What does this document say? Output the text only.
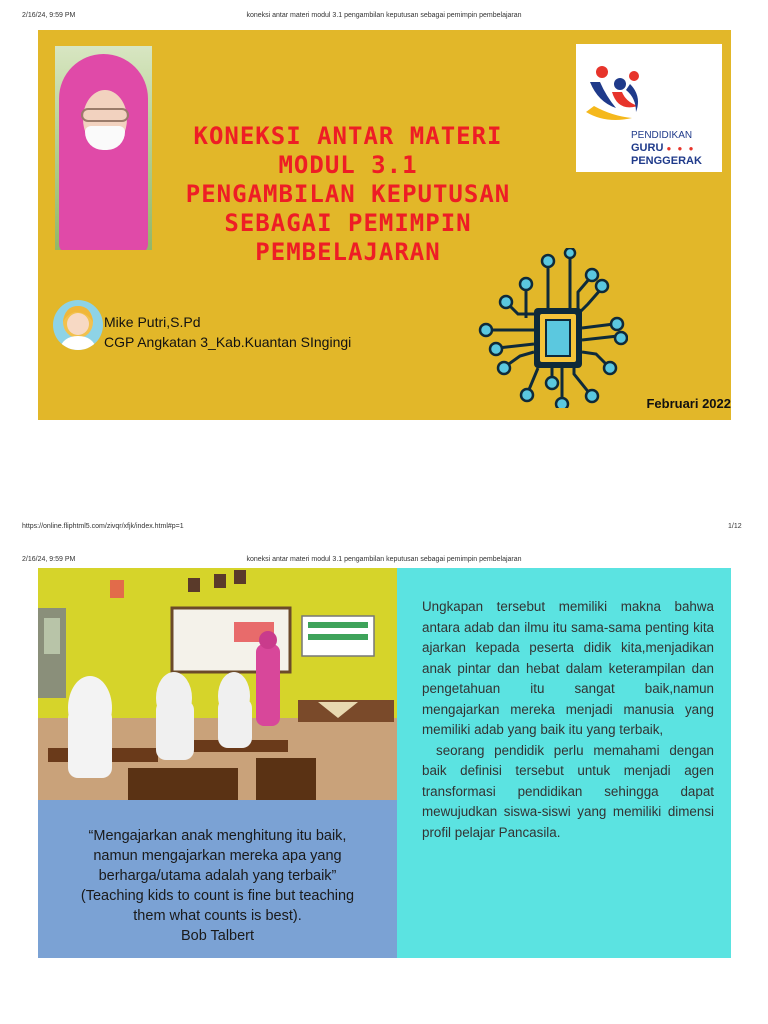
2/16/24, 9:59 PM	koneksi antar materi modul 3.1 pengambilan keputusan sebagai pemimpin pembelajaran
KONEKSI ANTAR MATERI
MODUL 3.1
PENGAMBILAN KEPUTUSAN
SEBAGAI PEMIMPIN
PEMBELAJARAN
PENDIDIKAN
GURU ● ● ●
PENGGERAK
Mike Putri,S.Pd
CGP Angkatan 3_Kab.Kuantan SIngingi
Februari 2022
https://online.fliphtml5.com/zivqr/xfjk/index.html#p=1	1/12
2/16/24, 9:59 PM	koneksi antar materi modul 3.1 pengambilan keputusan sebagai pemimpin pembelajaran
“Mengajarkan anak menghitung itu baik,
namun mengajarkan mereka apa yang
berharga/utama adalah yang terbaik”
(Teaching kids to count is fine but teaching
them what counts is best).
Bob Talbert

Ungkapan tersebut memiliki makna bahwa antara adab dan ilmu itu sama-sama penting kita ajarkan kepada peserta didik kita,menjadikan anak pintar dan hebat dalam keterampilan dan pengetahuan itu sangat baik,namun mengajarkan mereka menjadi manusia yang memiliki adab yang baik itu yang terbaik,

seorang pendidik perlu memahami dengan baik definisi tersebut untuk menjadi agen transformasi pendidikan sehingga dapat mewujudkan siswa-siswi yang memiliki dimensi profil pelajar Pancasila.
